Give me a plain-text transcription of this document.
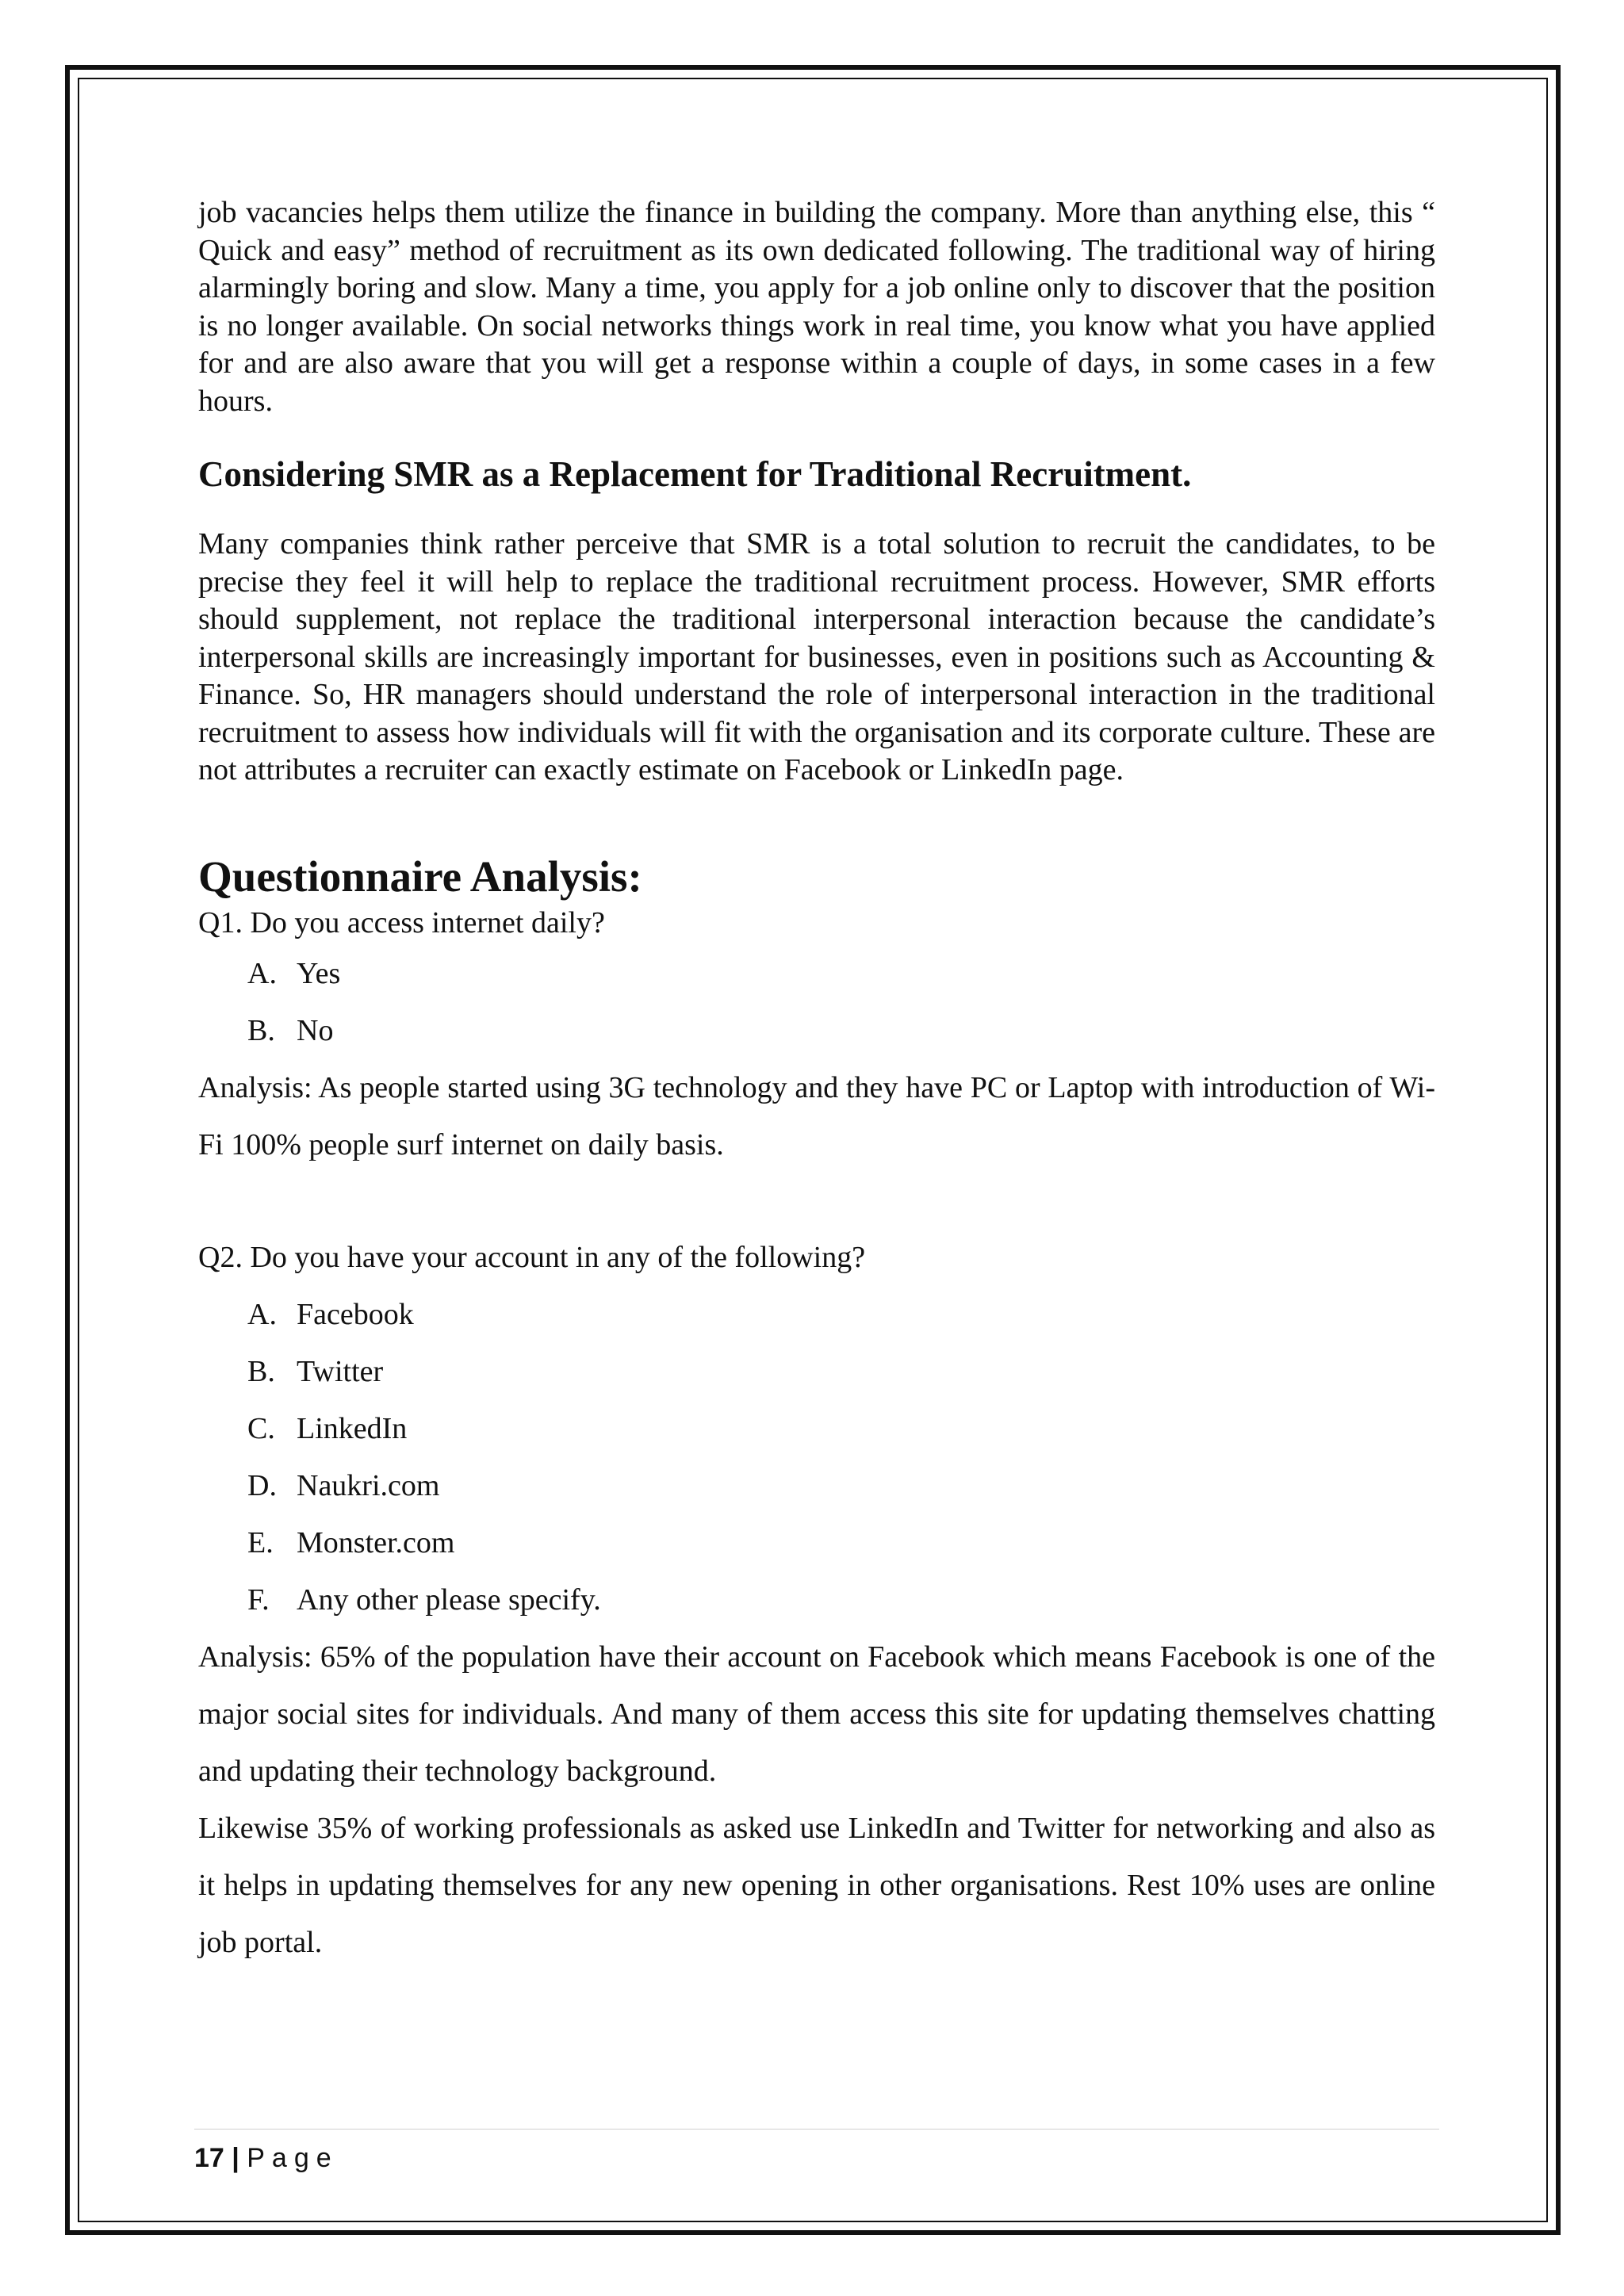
job vacancies helps them utilize the finance in building the company. More than anything else, this “ Quick and easy” method of recruitment as its own dedicated following. The traditional way of hiring alarmingly boring and slow. Many a time, you apply for a job online only to discover that the position is no longer available. On social networks things work in real time, you know what you have applied for and are also aware that you will get a response within a couple of days, in some cases in a few hours.

Considering SMR as a Replacement for Traditional Recruitment.

Many companies think rather perceive that SMR is a total solution to recruit the candidates, to be precise they feel it will help to replace the traditional recruitment process. However, SMR efforts should supplement, not replace the traditional interpersonal interaction because the candidate’s interpersonal skills are increasingly important for businesses, even in positions such as Accounting & Finance. So, HR managers should understand the role of interpersonal interaction in the traditional recruitment to assess how individuals will fit with the organisation and its corporate culture. These are not attributes a recruiter can exactly estimate on Facebook or LinkedIn page.

Questionnaire Analysis:

Q1. Do you access internet daily?

A. Yes
B. No

Analysis: As people started using 3G technology and they have PC or Laptop with introduction of Wi-Fi 100% people surf internet on daily basis.

Q2. Do you have your account in any of the following?

A. Facebook
B. Twitter
C. LinkedIn
D. Naukri.com
E. Monster.com
F. Any other please specify.

Analysis: 65% of the population have their account on Facebook which means Facebook is one of the major social sites for individuals. And many of them access this site for updating themselves chatting and updating their technology background.

Likewise 35% of working professionals as asked use LinkedIn and Twitter for networking and also as it helps in updating themselves for any new opening in other organisations. Rest 10% uses are online job portal.

17 | Page
